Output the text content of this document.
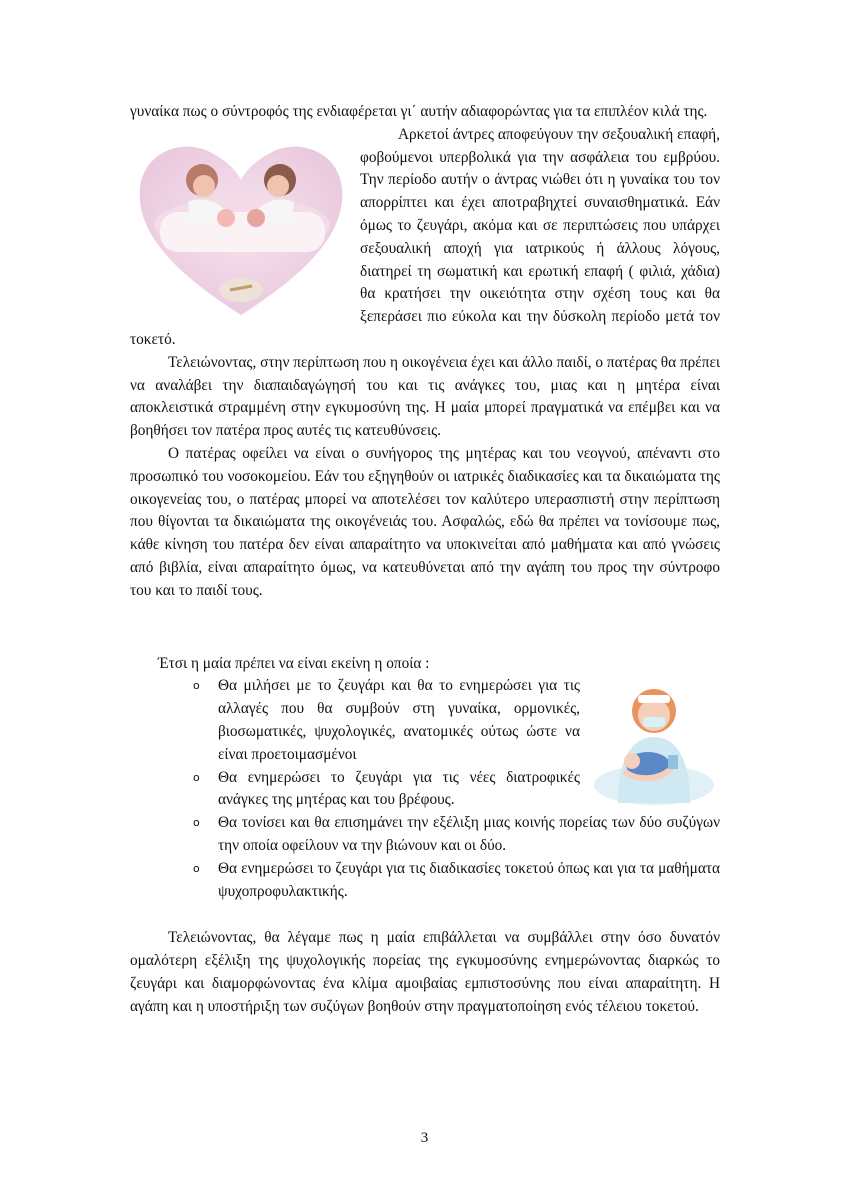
γυναίκα πως ο σύντροφός της ενδιαφέρεται γι΄ αυτήν αδιαφορώντας για τα επιπλέον κιλά της.

Αρκετοί άντρες αποφεύγουν την σεξουαλική επαφή, φοβούμενοι υπερβολικά για την ασφάλεια του εμβρύου. Την περίοδο αυτήν ο άντρας νιώθει ότι η γυναίκα του τον απορρίπτει και έχει αποτραβηχτεί συναισθηματικά. Εάν όμως το ζευγάρι, ακόμα και σε περιπτώσεις που υπάρχει σεξουαλική αποχή για ιατρικούς ή άλλους λόγους, διατηρεί τη σωματική και ερωτική επαφή ( φιλιά, χάδια) θα κρατήσει την οικειότητα στην σχέση τους και θα ξεπεράσει πιο εύκολα και την δύσκολη περίοδο μετά τον τοκετό.

Τελειώνοντας, στην περίπτωση που η οικογένεια έχει και άλλο παιδί, ο πατέρας θα πρέπει να αναλάβει την διαπαιδαγώγησή του και τις ανάγκες του, μιας και η μητέρα είναι αποκλειστικά στραμμένη στην εγκυμοσύνη της. Η μαία μπορεί πραγματικά να επέμβει και να βοηθήσει τον πατέρα προς αυτές τις κατευθύνσεις.

Ο πατέρας οφείλει να είναι ο συνήγορος της μητέρας και του νεογνού, απέναντι στο προσωπικό του νοσοκομείου. Εάν του εξηγηθούν οι ιατρικές διαδικασίες και τα δικαιώματα της οικογενείας του, ο πατέρας μπορεί να αποτελέσει τον καλύτερο υπερασπιστή στην περίπτωση που θίγονται τα δικαιώματα της οικογένειάς του. Ασφαλώς, εδώ θα πρέπει να τονίσουμε πως, κάθε κίνηση του πατέρα δεν είναι απαραίτητο να υποκινείται από μαθήματα και από γνώσεις από βιβλία, είναι απαραίτητο όμως, να κατευθύνεται από την αγάπη του προς την σύντροφο του και το παιδί τους.

Έτσι η μαία πρέπει να είναι εκείνη η οποία :

o Θα μιλήσει με το ζευγάρι και θα το ενημερώσει για τις αλλαγές που θα συμβούν στη γυναίκα, ορμονικές, βιοσωματικές, ψυχολογικές, ανατομικές ούτως ώστε να είναι προετοιμασμένοι
o Θα ενημερώσει το ζευγάρι για τις νέες διατροφικές ανάγκες της μητέρας και του βρέφους.
o Θα τονίσει και θα επισημάνει την εξέλιξη μιας κοινής πορείας των δύο συζύγων την οποία οφείλουν να την βιώνουν και οι δύο.
o Θα ενημερώσει το ζευγάρι για τις διαδικασίες τοκετού όπως και για τα μαθήματα ψυχοπροφυλακτικής.

Τελειώνοντας, θα λέγαμε πως η μαία επιβάλλεται να συμβάλλει στην όσο δυνατόν ομαλότερη εξέλιξη της ψυχολογικής πορείας της εγκυμοσύνης ενημερώνοντας διαρκώς το ζευγάρι και διαμορφώνοντας ένα κλίμα αμοιβαίας εμπιστοσύνης που είναι απαραίτητη. Η αγάπη και η υποστήριξη των συζύγων βοηθούν στην πραγματοποίηση ενός τέλειου τοκετού.

3
